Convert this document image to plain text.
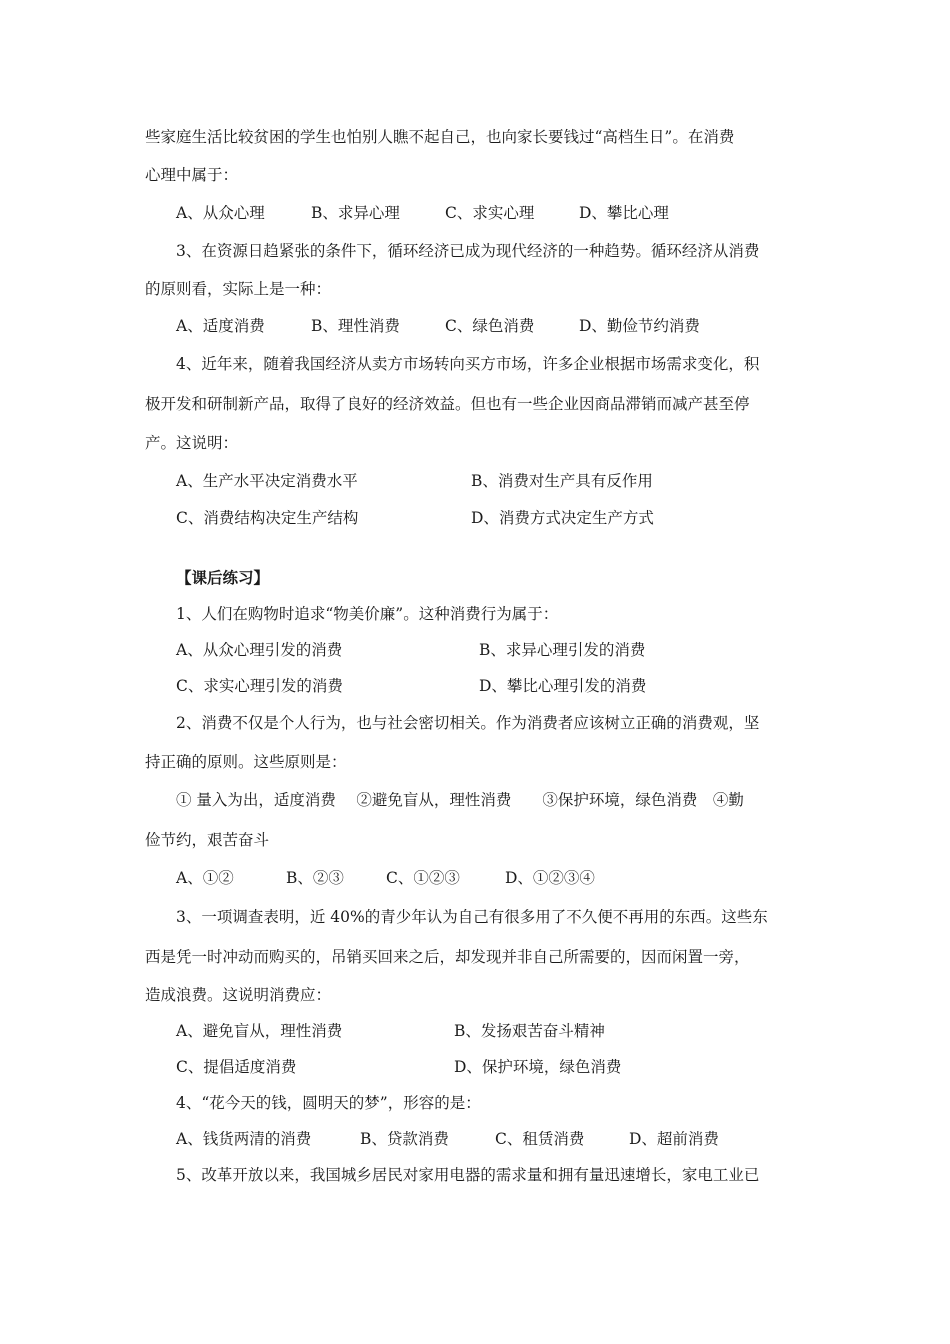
些家庭生活比较贫困的学生也怕别人瞧不起自己，也向家长要钱过“高档生日”。在消费
心理中属于：
A、从众心理	B、求异心理	C、求实心理	D、攀比心理
3、在资源日趋紧张的条件下，循环经济已成为现代经济的一种趋势。循环经济从消费
的原则看，实际上是一种：
A、适度消费	B、理性消费	C、绿色消费	D、勤俭节约消费
4、近年来，随着我国经济从卖方市场转向买方市场，许多企业根据市场需求变化，积
极开发和研制新产品，取得了良好的经济效益。但也有一些企业因商品滞销而减产甚至停
产。这说明：
A、生产水平决定消费水平	B、消费对生产具有反作用
C、消费结构决定生产结构	D、消费方式决定生产方式
【课后练习】
1、人们在购物时追求“物美价廉”。这种消费行为属于：
A、从众心理引发的消费	B、求异心理引发的消费
C、求实心理引发的消费	D、攀比心理引发的消费
2、消费不仅是个人行为，也与社会密切相关。作为消费者应该树立正确的消费观，坚
持正确的原则。这些原则是：
① 量入为出，适度消费　 ②避免盲从，理性消费　　③保护环境，绿色消费　④勤
俭节约，艰苦奋斗
A、①②	B、②③	C、①②③	D、①②③④
3、一项调查表明，近 40%的青少年认为自己有很多用了不久便不再用的东西。这些东
西是凭一时冲动而购买的，吊销买回来之后，却发现并非自己所需要的，因而闲置一旁，
造成浪费。这说明消费应：
A、避免盲从，理性消费	B、发扬艰苦奋斗精神
C、提倡适度消费	D、保护环境，绿色消费
4、“花今天的钱，圆明天的梦”，形容的是：
A、钱货两清的消费	B、贷款消费	C、租赁消费	D、超前消费
5、改革开放以来，我国城乡居民对家用电器的需求量和拥有量迅速增长，家电工业已
